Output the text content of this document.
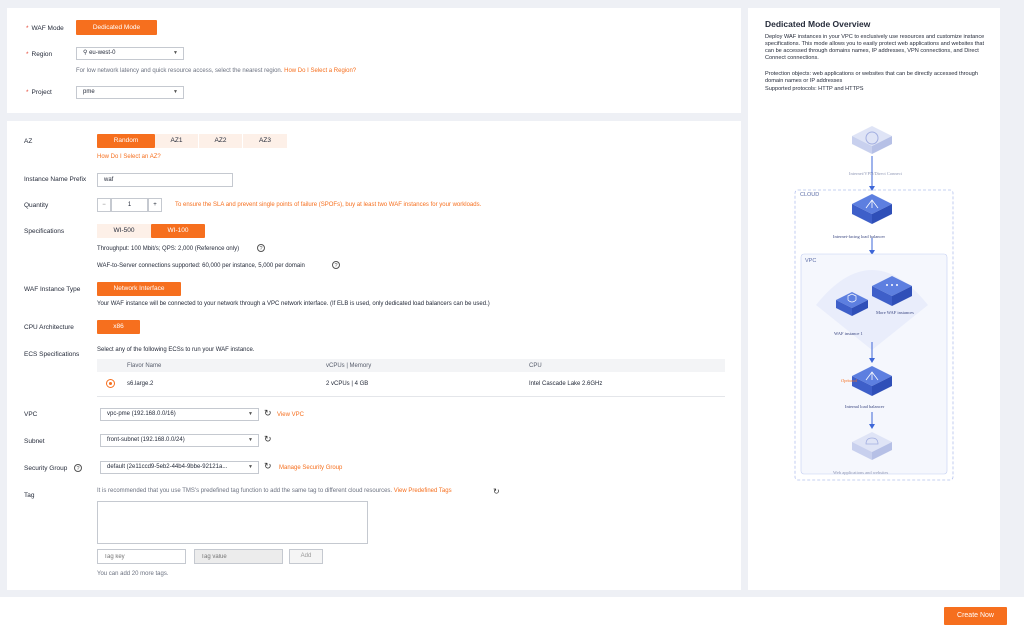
* WAF Mode	Dedicated Mode
* Region	⚲ eu-west-0	▼
For low network latency and quick resource access, select the nearest region. How Do I Select a Region?
* Project	pme	▼
AZ	Random	AZ1	AZ2	AZ3
How Do I Select an AZ?
Instance Name Prefix	waf
Quantity	−	1	+	To ensure the SLA and prevent single points of failure (SPOFs), buy at least two WAF instances for your workloads.
Specifications	WI-500	WI-100
Throughput: 100 Mbit/s; QPS: 2,000 (Reference only)	?
WAF-to-Server connections supported: 60,000 per instance, 5,000 per domain	?
WAF Instance Type	Network Interface
Your WAF instance will be connected to your network through a VPC network interface. (If ELB is used, only dedicated load balancers can be used.)
CPU Architecture	x86
ECS Specifications
Select any of the following ECSs to run your WAF instance.
Flavor Name	vCPUs | Memory	CPU
s6.large.2	2 vCPUs | 4 GB	Intel Cascade Lake 2.6GHz
VPC	vpc-pme (192.168.0.0/16)	▼ ↻ View VPC
Subnet	front-subnet (192.168.0.0/24)	▼ ↻
Security Group	?	default (2e11ccd9-5eb2-44b4-9bbe-92121a...	▼ ↻ Manage Security Group
Tag
It is recommended that you use TMS's predefined tag function to add the same tag to different cloud resources. View Predefined Tags	↻
Tag key
Tag value
Add
You can add 20 more tags.
Dedicated Mode Overview
Deploy WAF instances in your VPC to exclusively use resources and customize instance specifications. This mode allows you to easily protect web applications and websites that can be accessed through domains names, IP addresses, VPN connections, and Direct Connect connections.
Protection objects: web applications or websites that can be directly accessed through domain names or IP addresses
Supported protocols: HTTP and HTTPS
Internet/VPN/Direct Connect
CLOUD
Internet-facing load balancer
VPC
More WAF instances
WAF instance 1
Optional
Internal load balancer
Web applications and websites
Create Now
